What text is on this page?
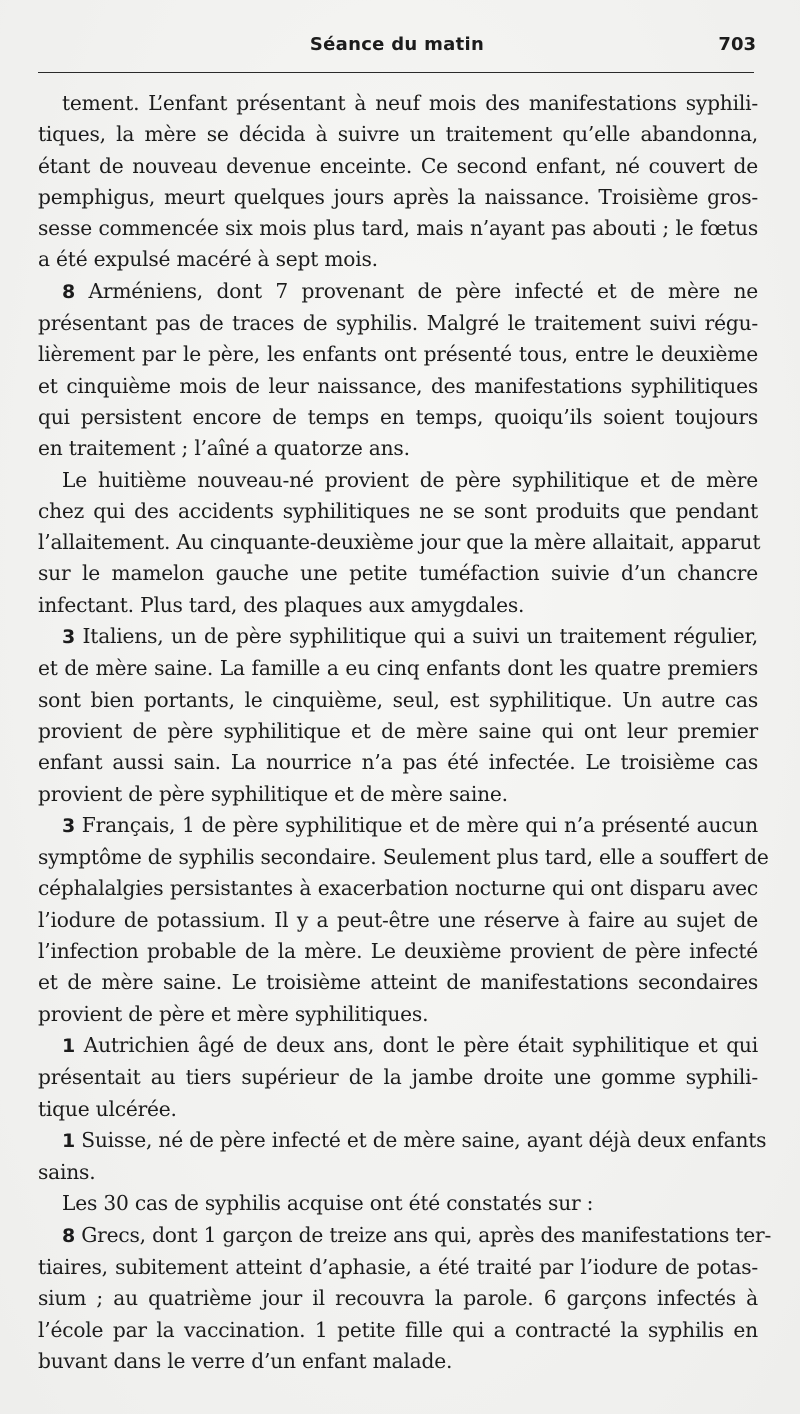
Séance du matin	703
tement. L’enfant présentant à neuf mois des manifestations syphili-
tiques, la mère se décida à suivre un traitement qu’elle abandonna,
étant de nouveau devenue enceinte. Ce second enfant, né couvert de
pemphigus, meurt quelques jours après la naissance. Troisième gros-
sesse commencée six mois plus tard, mais n’ayant pas abouti ; le fœtus
a été expulsé macéré à sept mois.
8 Arméniens, dont 7 provenant de père infecté et de mère ne
présentant pas de traces de syphilis. Malgré le traitement suivi régu-
lièrement par le père, les enfants ont présenté tous, entre le deuxième
et cinquième mois de leur naissance, des manifestations syphilitiques
qui persistent encore de temps en temps, quoiqu’ils soient toujours
en traitement ; l’aîné a quatorze ans.
Le huitième nouveau-né provient de père syphilitique et de mère
chez qui des accidents syphilitiques ne se sont produits que pendant
l’allaitement. Au cinquante-deuxième jour que la mère allaitait, apparut
sur le mamelon gauche une petite tuméfaction suivie d’un chancre
infectant. Plus tard, des plaques aux amygdales.
3 Italiens, un de père syphilitique qui a suivi un traitement régulier,
et de mère saine. La famille a eu cinq enfants dont les quatre premiers
sont bien portants, le cinquième, seul, est syphilitique. Un autre cas
provient de père syphilitique et de mère saine qui ont leur premier
enfant aussi sain. La nourrice n’a pas été infectée. Le troisième cas
provient de père syphilitique et de mère saine.
3 Français, 1 de père syphilitique et de mère qui n’a présenté aucun
symptôme de syphilis secondaire. Seulement plus tard, elle a souffert de
céphalalgies persistantes à exacerbation nocturne qui ont disparu avec
l’iodure de potassium. Il y a peut-être une réserve à faire au sujet de
l’infection probable de la mère. Le deuxième provient de père infecté
et de mère saine. Le troisième atteint de manifestations secondaires
provient de père et mère syphilitiques.
1 Autrichien âgé de deux ans, dont le père était syphilitique et qui
présentait au tiers supérieur de la jambe droite une gomme syphili-
tique ulcérée.
1 Suisse, né de père infecté et de mère saine, ayant déjà deux enfants
sains.
Les 30 cas de syphilis acquise ont été constatés sur :
8 Grecs, dont 1 garçon de treize ans qui, après des manifestations ter-
tiaires, subitement atteint d’aphasie, a été traité par l’iodure de potas-
sium ; au quatrième jour il recouvra la parole. 6 garçons infectés à
l’école par la vaccination. 1 petite fille qui a contracté la syphilis en
buvant dans le verre d’un enfant malade.
